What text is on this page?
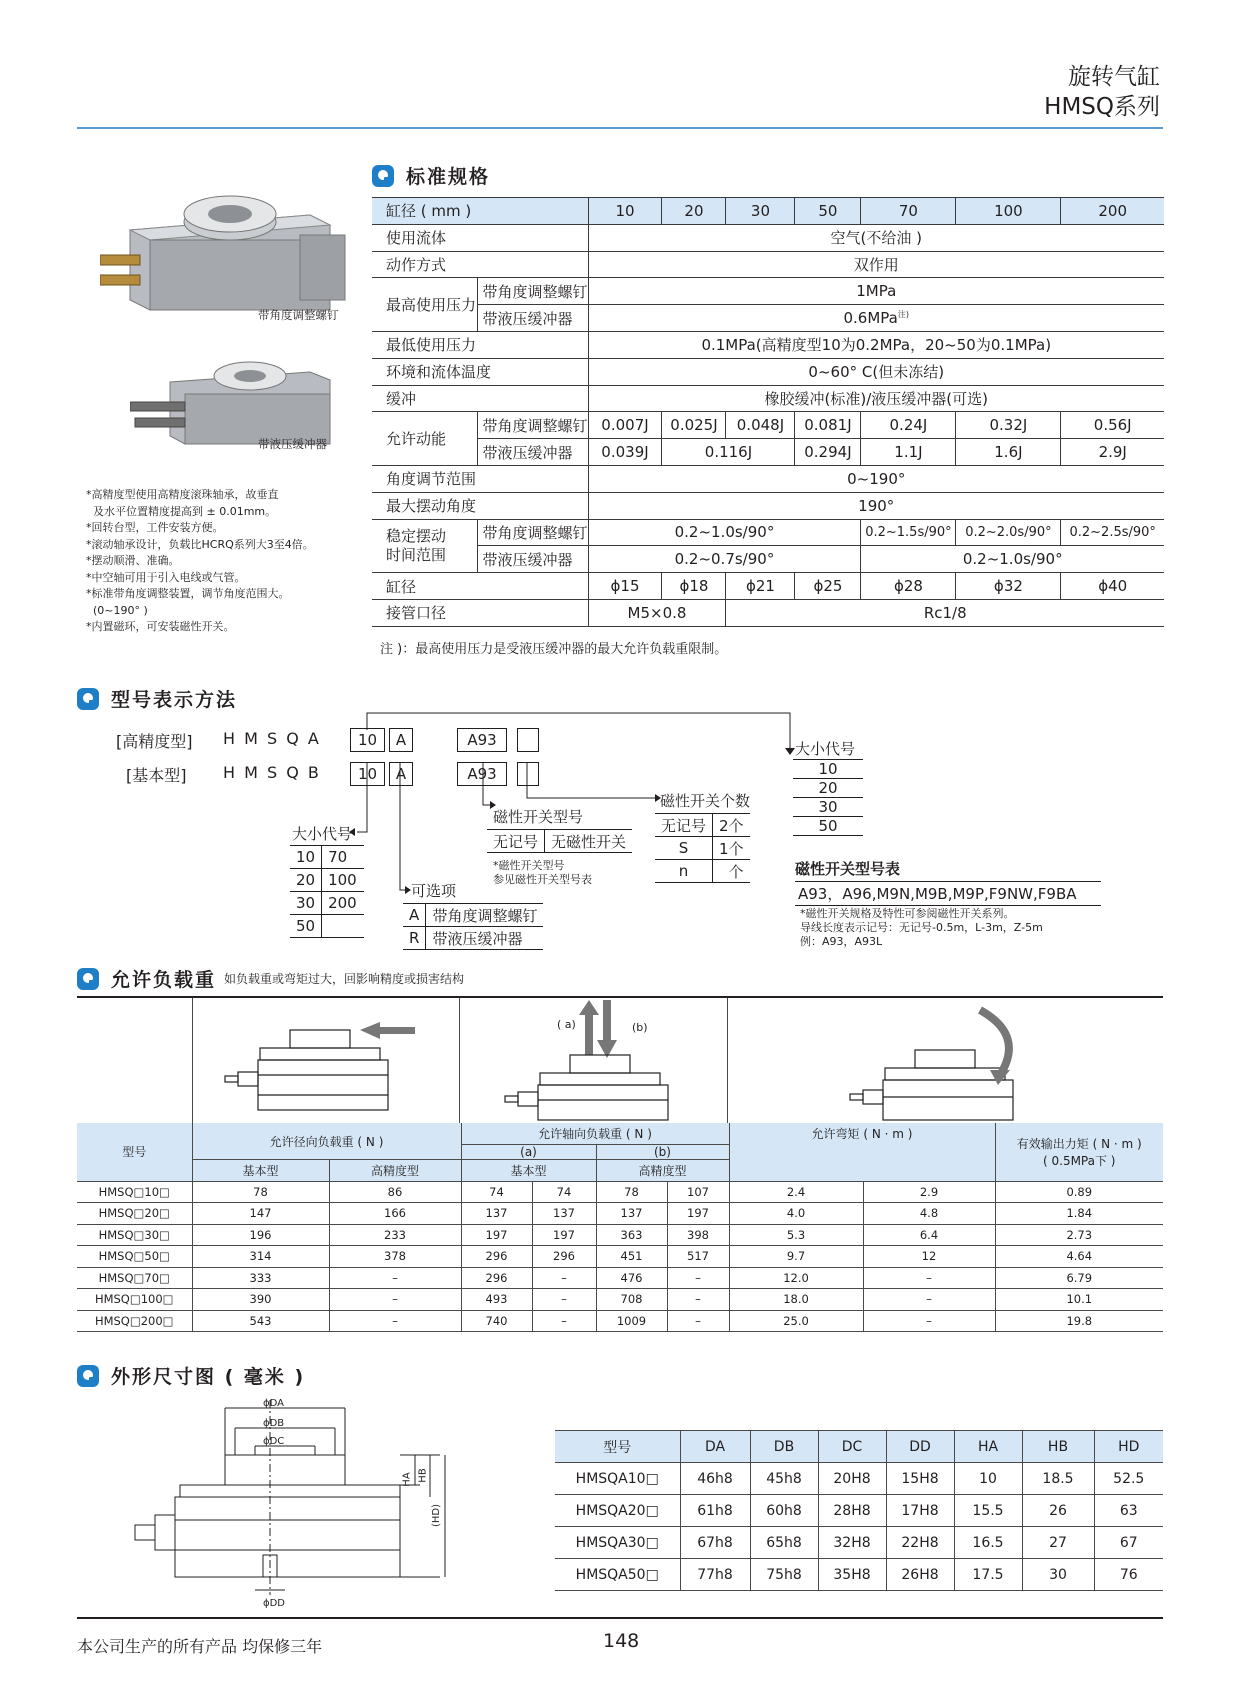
旋转气缸
HMSQ系列
带角度调整螺钉
带液压缓冲器
*高精度型使用高精度滚珠轴承，故垂直
及水平位置精度提高到 ± 0.01mm。
*回转台型，工件安装方便。
*滚动轴承设计，负载比HCRQ系列大3至4倍。
*摆动顺滑、准确。
*中空轴可用于引入电线或气管。
*标准带角度调整装置，调节角度范围大。
(0~190° )
*内置磁环，可安装磁性开关。
标准规格
缸径 ( mm )		10	20	30	50	70	100	200
使用流体		空气(不给油 )						
动作方式		双作用						
最高使用压力	带角度调整螺钉	1MPa						
	带液压缓冲器	0.6MPa$^{注)}$
最低使用压力		0.1MPa(高精度型10为0.2MPa，20~50为0.1MPa)						
环境和流体温度		0~60° C(但未冻结)						
缓冲		橡胶缓冲(标准)/液压缓冲器(可选)						
允许动能	带角度调整螺钉	0.007J	0.025J	0.048J	0.081J	0.24J	0.32J	0.56J
	带液压缓冲器	0.039J	0.116J		0.294J	1.1J	1.6J	2.9J
角度调节范围		0~190°						
最大摆动角度		190°						

稳定摆动
时间范围	带角度调整螺钉	0.2~1.0s/90°				0.2~1.5s/90°	0.2~2.0s/90°	0.2~2.5s/90°
	带液压缓冲器	0.2~0.7s/90°				0.2~1.0s/90°		
缸径		ϕ15	ϕ18	ϕ21	ϕ25	ϕ28	ϕ32	ϕ40
接管口径		M5×0.8		Rc1/8				
注 )：最高使用压力是受液压缓冲器的最大允许负载重限制。
型号表示方法
[高精度型] H M S Q A
[基本型] H M S Q B
10	A	A93
10	A	A93
大小代号
10	70
20	100
30	200
50	
可选项
A	带角度调整螺钉
R	带液压缓冲器
磁性开关型号
无记号	无磁性开关
*磁性开关型号
参见磁性开关型号表
磁性开关个数
无记号	2个
S	1个
n	个
大小代号
10
20
30
50
磁性开关型号表
A93，A96,M9N,M9B,M9P,F9NW,F9BA
*磁性开关规格及特性可参阅磁性开关系列。
导线长度表示记号：无记号-0.5m，L-3m，Z-5m
例：A93，A93L
允许负载重 如负载重或弯矩过大，回影响精度或损害结构
( a)	(b)
型号	允许径向负载重 ( N )		允许轴向负载重 ( N )				允许弯矩 ( N · m )		有效输出力矩 ( N · m )
( 0.5MPa下 )

			(a)		(b)				
	基本型	高精度型	基本型		高精度型				
HMSQ□10□	78	86	74	74	78	107	2.4	2.9	0.89
HMSQ□20□	147	166	137	137	137	197	4.0	4.8	1.84
HMSQ□30□	196	233	197	197	363	398	5.3	6.4	2.73
HMSQ□50□	314	378	296	296	451	517	9.7	12	4.64
HMSQ□70□	333	–	296	–	476	–	12.0	–	6.79
HMSQ□100□	390	–	493	–	708	–	18.0	–	10.1
HMSQ□200□	543	–	740	–	1009	–	25.0	–	19.8
外形尺寸图 ( 毫米 )
ϕDA
ϕDB
ϕDC
ϕDD
HA HB
(HD)
型号	DA	DB	DC	DD	HA	HB	HD
HMSQA10□	46h8	45h8	20H8	15H8	10	18.5	52.5
HMSQA20□	61h8	60h8	28H8	17H8	15.5	26	63
HMSQA30□	67h8	65h8	32H8	22H8	16.5	27	67
HMSQA50□	77h8	75h8	35H8	26H8	17.5	30	76
本公司生产的所有产品 均保修三年	148
